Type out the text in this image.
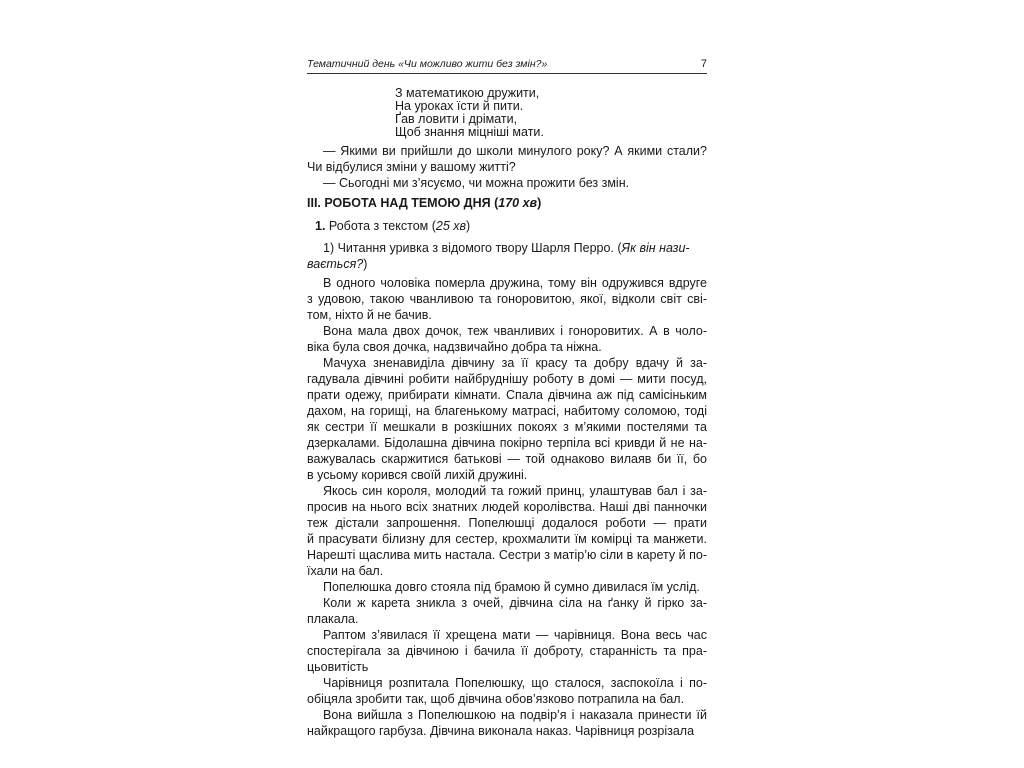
Тематичний день «Чи можливо жити без змін?»	7
З математикою дружити,
На уроках їсти й пити.
Ґав ловити і дрімати,
Щоб знання міцніші мати.
— Якими ви прийшли до школи минулого року? А якими стали?
Чи відбулися зміни у вашому житті?
— Сьогодні ми з’ясуємо, чи можна прожити без змін.
ІІІ. РОБОТА НАД ТЕМОЮ ДНЯ (170 хв)
1. Робота з текстом (25 хв)
1) Читання уривка з відомого твору Шарля Перро. (Як він нази-
вається?)
В одного чоловіка померла дружина, тому він одружився вдруге
з удовою, такою чванливою та гоноровитою, якої, відколи світ сві-
том, ніхто й не бачив.
Вона мала двох дочок, теж чванливих і гоноровитих. А в чоло-
віка була своя дочка, надзвичайно добра та ніжна.
Мачуха зненавиділа дівчину за її красу та добру вдачу й за-
гадувала дівчині робити найбруднішу роботу в домі — мити посуд,
прати одежу, прибирати кімнати. Спала дівчина аж під самісіньким
дахом, на горищі, на благенькому матрасі, набитому соломою, тоді
як сестри її мешкали в розкішних покоях з м’якими постелями та
дзеркалами. Бідолашна дівчина покірно терпіла всі кривди й не на-
важувалась скаржитися батькові — той однаково вилаяв би її, бо
в усьому корився своїй лихій дружині.
Якось син короля, молодий та гожий принц, улаштував бал і за-
просив на нього всіх знатних людей королівства. Наші дві панночки
теж дістали запрошення. Попелюшці додалося роботи — прати
й прасувати білизну для сестер, крохмалити їм комірці та манжети.
Нарешті щаслива мить настала. Сестри з матір’ю сіли в карету й по-
їхали на бал.
Попелюшка довго стояла під брамою й сумно дивилася їм услід.
Коли ж карета зникла з очей, дівчина сіла на ґанку й гірко за-
плакала.
Раптом з’явилася її хрещена мати — чарівниця. Вона весь час
спостерігала за дівчиною і бачила її доброту, старанність та пра-
цьовитість
Чарівниця розпитала Попелюшку, що сталося, заспокоїла і по-
обіцяла зробити так, щоб дівчина обов’язково потрапила на бал.
Вона вийшла з Попелюшкою на подвір’я і наказала принести їй
найкращого гарбуза. Дівчина виконала наказ. Чарівниця розрізала
